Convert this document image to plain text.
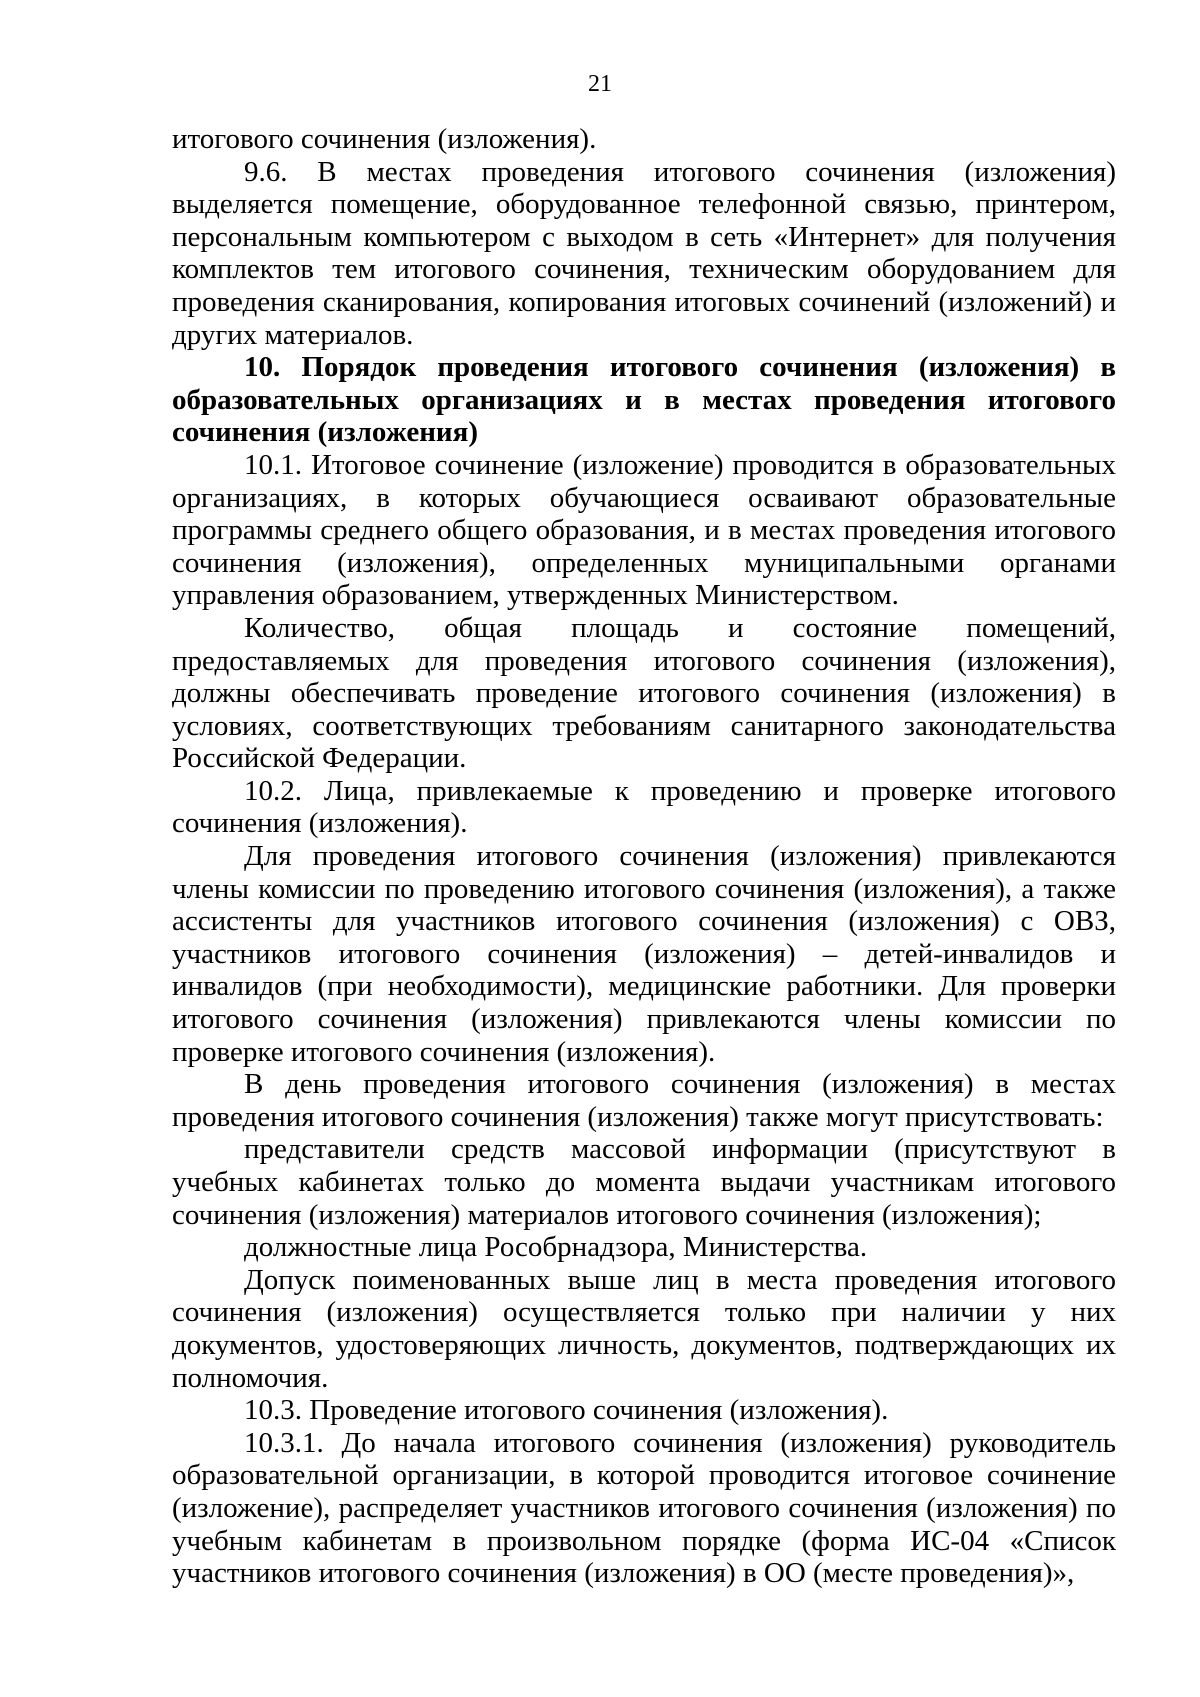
21

итогового сочинения (изложения).

9.6. В местах проведения итогового сочинения (изложения) выделяется помещение, оборудованное телефонной связью, принтером, персональным компьютером с выходом в сеть «Интернет» для получения комплектов тем итогового сочинения, техническим оборудованием для проведения сканирования, копирования итоговых сочинений (изложений) и других материалов.

10. Порядок проведения итогового сочинения (изложения) в образовательных организациях и в местах проведения итогового сочинения (изложения)

10.1. Итоговое сочинение (изложение) проводится в образовательных организациях, в которых обучающиеся осваивают образовательные программы среднего общего образования, и в местах проведения итогового сочинения (изложения), определенных муниципальными органами управления образованием, утвержденных Министерством.

Количество, общая площадь и состояние помещений, предоставляемых для проведения итогового сочинения (изложения), должны обеспечивать проведение итогового сочинения (изложения) в условиях, соответствующих требованиям санитарного законодательства Российской Федерации.

10.2. Лица, привлекаемые к проведению и проверке итогового сочинения (изложения).

Для проведения итогового сочинения (изложения) привлекаются члены комиссии по проведению итогового сочинения (изложения), а также ассистенты для участников итогового сочинения (изложения) с ОВЗ, участников итогового сочинения (изложения) – детей-инвалидов и инвалидов (при необходимости), медицинские работники. Для проверки итогового сочинения (изложения) привлекаются члены комиссии по проверке итогового сочинения (изложения).

В день проведения итогового сочинения (изложения) в местах проведения итогового сочинения (изложения) также могут присутствовать:

представители средств массовой информации (присутствуют в учебных кабинетах только до момента выдачи участникам итогового сочинения (изложения) материалов итогового сочинения (изложения);

должностные лица Рособрнадзора, Министерства.

Допуск поименованных выше лиц в места проведения итогового сочинения (изложения) осуществляется только при наличии у них документов, удостоверяющих личность, документов, подтверждающих их полномочия.

10.3. Проведение итогового сочинения (изложения).

10.3.1. До начала итогового сочинения (изложения) руководитель образовательной организации, в которой проводится итоговое сочинение (изложение), распределяет участников итогового сочинения (изложения) по учебным кабинетам в произвольном порядке (форма ИС-04 «Список участников итогового сочинения (изложения) в ОО (месте проведения)»,
